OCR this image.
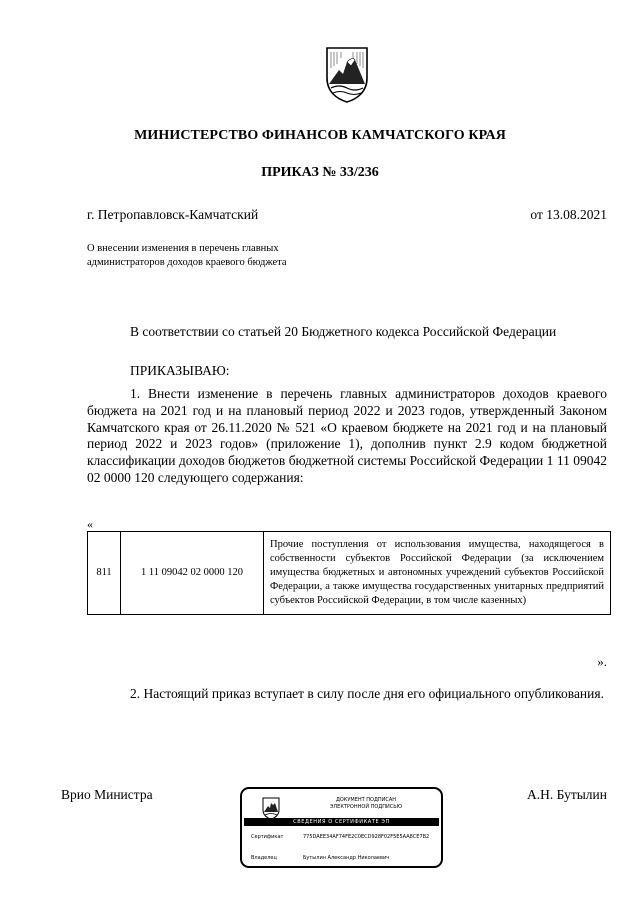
МИНИСТЕРСТВО ФИНАНСОВ КАМЧАТСКОГО КРАЯ
ПРИКАЗ № 33/236
г. Петропавловск-Камчатский	от 13.08.2021
О внесении изменения в перечень главных администраторов доходов краевого бюджета
В соответствии со статьей 20 Бюджетного кодекса Российской Федерации
ПРИКАЗЫВАЮ:
1. Внести изменение в перечень главных администраторов доходов краевого бюджета на 2021 год и на плановый период 2022 и 2023 годов, утвержденный Законом Камчатского края от 26.11.2020 № 521 «О краевом бюджете на 2021 год и на плановый период 2022 и 2023 годов» (приложение 1), дополнив пункт 2.9 кодом бюджетной классификации доходов бюджетов бюджетной системы Российской Федерации 1 11 09042 02 0000 120 следующего содержания:
«
811	1 11 09042 02 0000 120	Прочие поступления от использования имущества, находящегося в собственности субъектов Российской Федерации (за исключением имущества бюджетных и автономных учреждений субъектов Российской Федерации, а также имущества государственных унитарных предприятий субъектов Российской Федерации, в том числе казенных)
».
2. Настоящий приказ вступает в силу после дня его официального опубликования.
Врио Министра	А.Н. Бутылин
ДОКУМЕНТ ПОДПИСАН
ЭЛЕКТРОННОЙ ПОДПИСЬЮ
СВЕДЕНИЯ О СЕРТИФИКАТЕ ЭП
Сертификат	775DAEE34AF74FE2C0ECD928F02F5E5AA8CE7B2
Владелец	Бутылин Александр Николаевич
